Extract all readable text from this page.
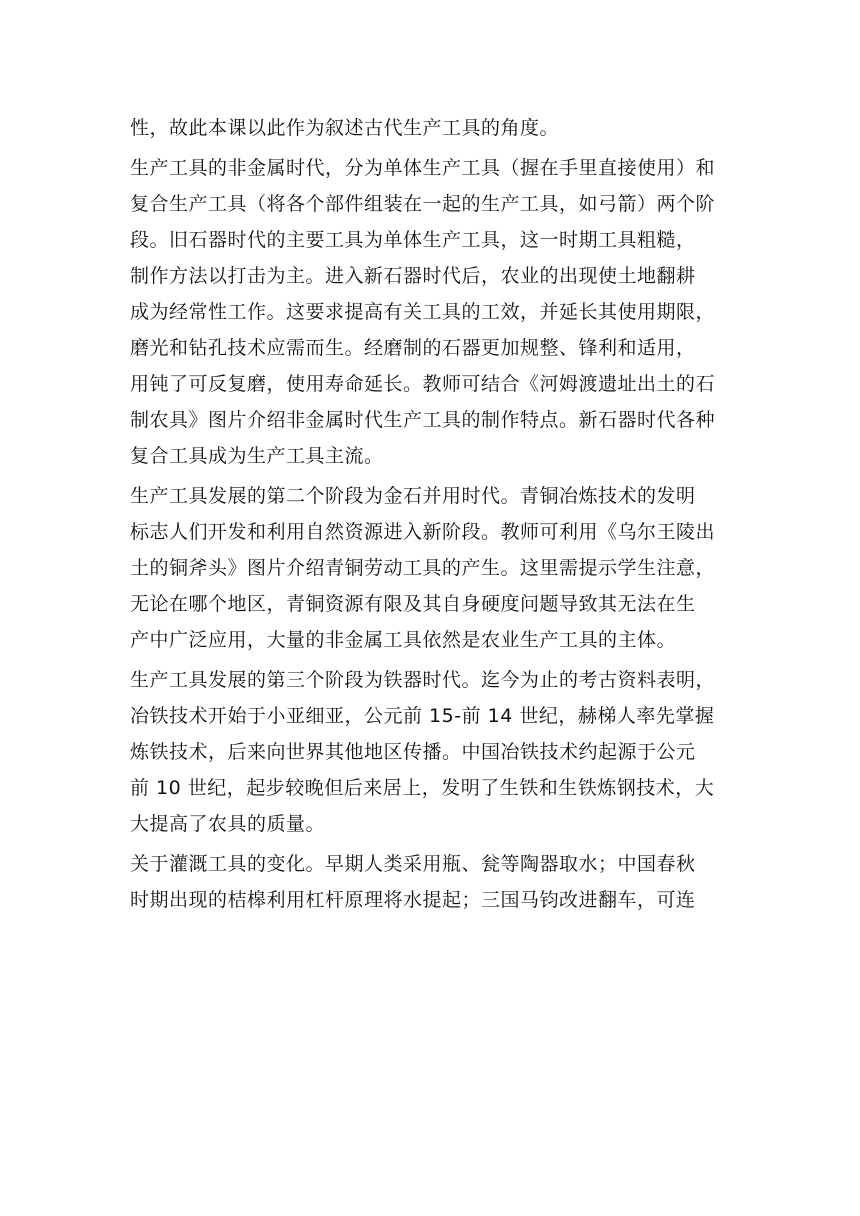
性，故此本课以此作为叙述古代生产工具的角度。
生产工具的非金属时代，分为单体生产工具（握在手里直接使用）和
复合生产工具（将各个部件组装在一起的生产工具，如弓箭）两个阶
段。旧石器时代的主要工具为单体生产工具，这一时期工具粗糙，
制作方法以打击为主。进入新石器时代后，农业的出现使土地翻耕
成为经常性工作。这要求提高有关工具的工效，并延长其使用期限，
磨光和钻孔技术应需而生。经磨制的石器更加规整、锋利和适用，
用钝了可反复磨，使用寿命延长。教师可结合《河姆渡遗址出土的石
制农具》图片介绍非金属时代生产工具的制作特点。新石器时代各种
复合工具成为生产工具主流。
生产工具发展的第二个阶段为金石并用时代。青铜冶炼技术的发明
标志人们开发和利用自然资源进入新阶段。教师可利用《乌尔王陵出
土的铜斧头》图片介绍青铜劳动工具的产生。这里需提示学生注意，
无论在哪个地区，青铜资源有限及其自身硬度问题导致其无法在生
产中广泛应用，大量的非金属工具依然是农业生产工具的主体。
生产工具发展的第三个阶段为铁器时代。迄今为止的考古资料表明，
冶铁技术开始于小亚细亚，公元前 15-前 14 世纪，赫梯人率先掌握
炼铁技术，后来向世界其他地区传播。中国冶铁技术约起源于公元
前 10 世纪，起步较晚但后来居上，发明了生铁和生铁炼钢技术，大
大提高了农具的质量。
关于灌溉工具的变化。早期人类采用瓶、瓮等陶器取水；中国春秋
时期出现的桔槔利用杠杆原理将水提起；三国马钧改进翻车，可连
